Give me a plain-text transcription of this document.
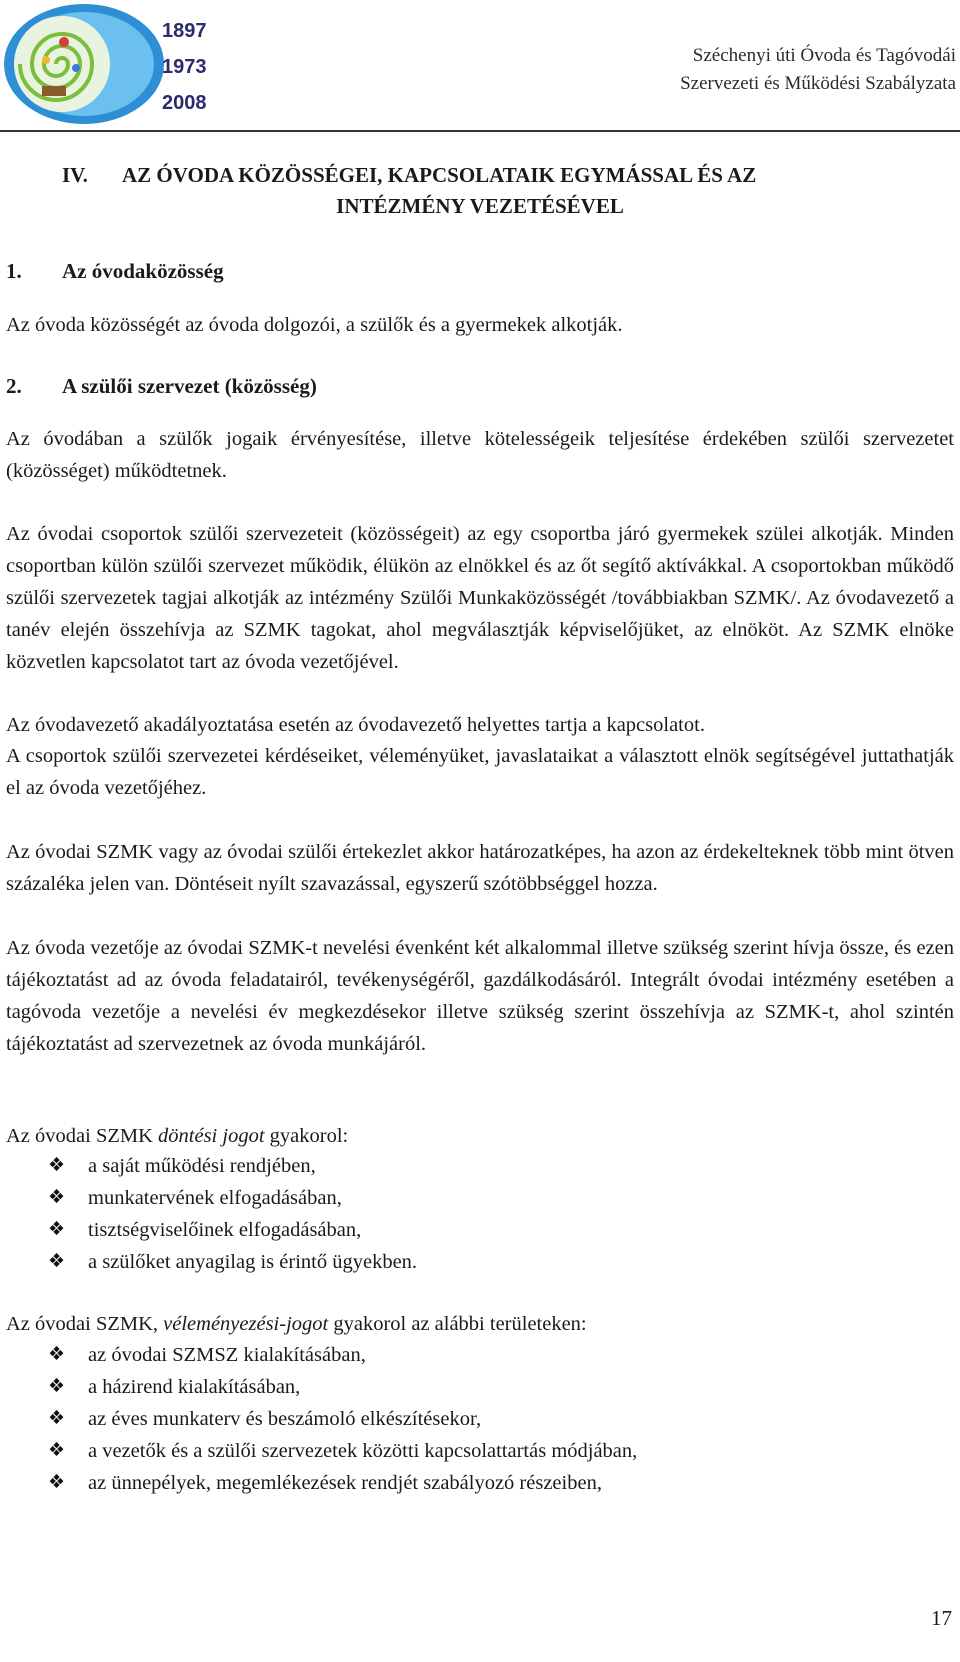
1897
1973
2008
Széchenyi úti Óvoda és Tagóvodái
Szervezeti és Működési Szabályzata
IV. AZ ÓVODA KÖZÖSSÉGEI, KAPCSOLATAIK EGYMÁSSAL ÉS AZ
INTÉZMÉNY VEZETÉSÉVEL
1. Az óvodaközösség
Az óvoda közösségét az óvoda dolgozói, a szülők és a gyermekek alkotják.
2. A szülői szervezet (közösség)
Az óvodában a szülők jogaik érvényesítése, illetve kötelességeik teljesítése érdekében szülői szervezetet (közösséget) működtetnek.
Az óvodai csoportok szülői szervezeteit (közösségeit) az egy csoportba járó gyermekek szülei alkotják. Minden csoportban külön szülői szervezet működik, élükön az elnökkel és az őt segítő aktívákkal. A csoportokban működő szülői szervezetek tagjai alkotják az intézmény Szülői Munkaközösségét /továbbiakban SZMK/. Az óvodavezető a tanév elején összehívja az SZMK tagokat, ahol megválasztják képviselőjüket, az elnököt. Az SZMK elnöke közvetlen kapcsolatot tart az óvoda vezetőjével.
Az óvodavezető akadályoztatása esetén az óvodavezető helyettes tartja a kapcsolatot.
A csoportok szülői szervezetei kérdéseiket, véleményüket, javaslataikat a választott elnök segítségével juttathatják el az óvoda vezetőjéhez.
Az óvodai SZMK vagy az óvodai szülői értekezlet akkor határozatképes, ha azon az érdekelteknek több mint ötven százaléka jelen van. Döntéseit nyílt szavazással, egyszerű szótöbbséggel hozza.
Az óvoda vezetője az óvodai SZMK-t nevelési évenként két alkalommal illetve szükség szerint hívja össze, és ezen tájékoztatást ad az óvoda feladatairól, tevékenységéről, gazdálkodásáról. Integrált óvodai intézmény esetében a tagóvoda vezetője a nevelési év megkezdésekor illetve szükség szerint összehívja az SZMK-t, ahol szintén tájékoztatást ad szervezetnek az óvoda munkájáról.
Az óvodai SZMK döntési jogot gyakorol:
❖ a saját működési rendjében,
❖ munkatervének elfogadásában,
❖ tisztségviselőinek elfogadásában,
❖ a szülőket anyagilag is érintő ügyekben.
Az óvodai SZMK, véleményezési-jogot gyakorol az alábbi területeken:
❖ az óvodai SZMSZ kialakításában,
❖ a házirend kialakításában,
❖ az éves munkaterv és beszámoló elkészítésekor,
❖ a vezetők és a szülői szervezetek közötti kapcsolattartás módjában,
❖ az ünnepélyek, megemlékezések rendjét szabályozó részeiben,
17
